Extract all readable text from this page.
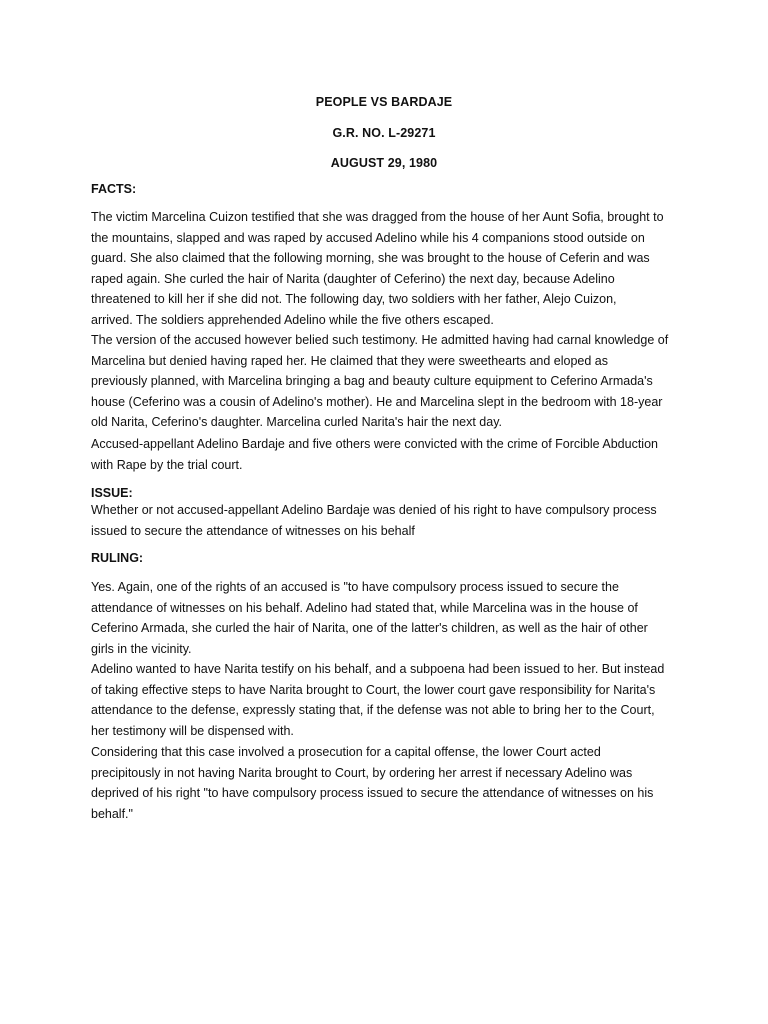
PEOPLE VS BARDAJE
G.R. NO. L-29271
AUGUST 29, 1980
FACTS:

The victim Marcelina Cuizon testified that she was dragged from the house of her Aunt Sofia, brought to
the mountains, slapped and was raped by accused Adelino while his 4 companions stood outside on
guard. She also claimed that the following morning, she was brought to the house of Ceferin and was
raped again. She curled the hair of Narita (daughter of Ceferino) the next day, because Adelino
threatened to kill her if she did not. The following day, two soldiers with her father, Alejo Cuizon,
arrived. The soldiers apprehended Adelino while the five others escaped.

The version of the accused however belied such testimony. He admitted having had carnal knowledge of
Marcelina but denied having raped her. He claimed that they were sweethearts and eloped as
previously planned, with Marcelina bringing a bag and beauty culture equipment to Ceferino Armada's
house (Ceferino was a cousin of Adelino's mother). He and Marcelina slept in the bedroom with 18-year
old Narita, Ceferino's daughter. Marcelina curled Narita's hair the next day.

Accused-appellant Adelino Bardaje and five others were convicted with the crime of Forcible Abduction
with Rape by the trial court.

ISSUE:

Whether or not accused-appellant Adelino Bardaje was denied of his right to have compulsory process
issued to secure the attendance of witnesses on his behalf

RULING:

Yes. Again, one of the rights of an accused is "to have compulsory process issued to secure the
attendance of witnesses on his behalf. Adelino had stated that, while Marcelina was in the house of
Ceferino Armada, she curled the hair of Narita, one of the latter's children, as well as the hair of other
girls in the vicinity.

Adelino wanted to have Narita testify on his behalf, and a subpoena had been issued to her. But instead
of taking effective steps to have Narita brought to Court, the lower court gave responsibility for Narita's
attendance to the defense, expressly stating that, if the defense was not able to bring her to the Court,
her testimony will be dispensed with.

Considering that this case involved a prosecution for a capital offense, the lower Court acted
precipitously in not having Narita brought to Court, by ordering her arrest if necessary Adelino was
deprived of his right "to have compulsory process issued to secure the attendance of witnesses on his
behalf."
